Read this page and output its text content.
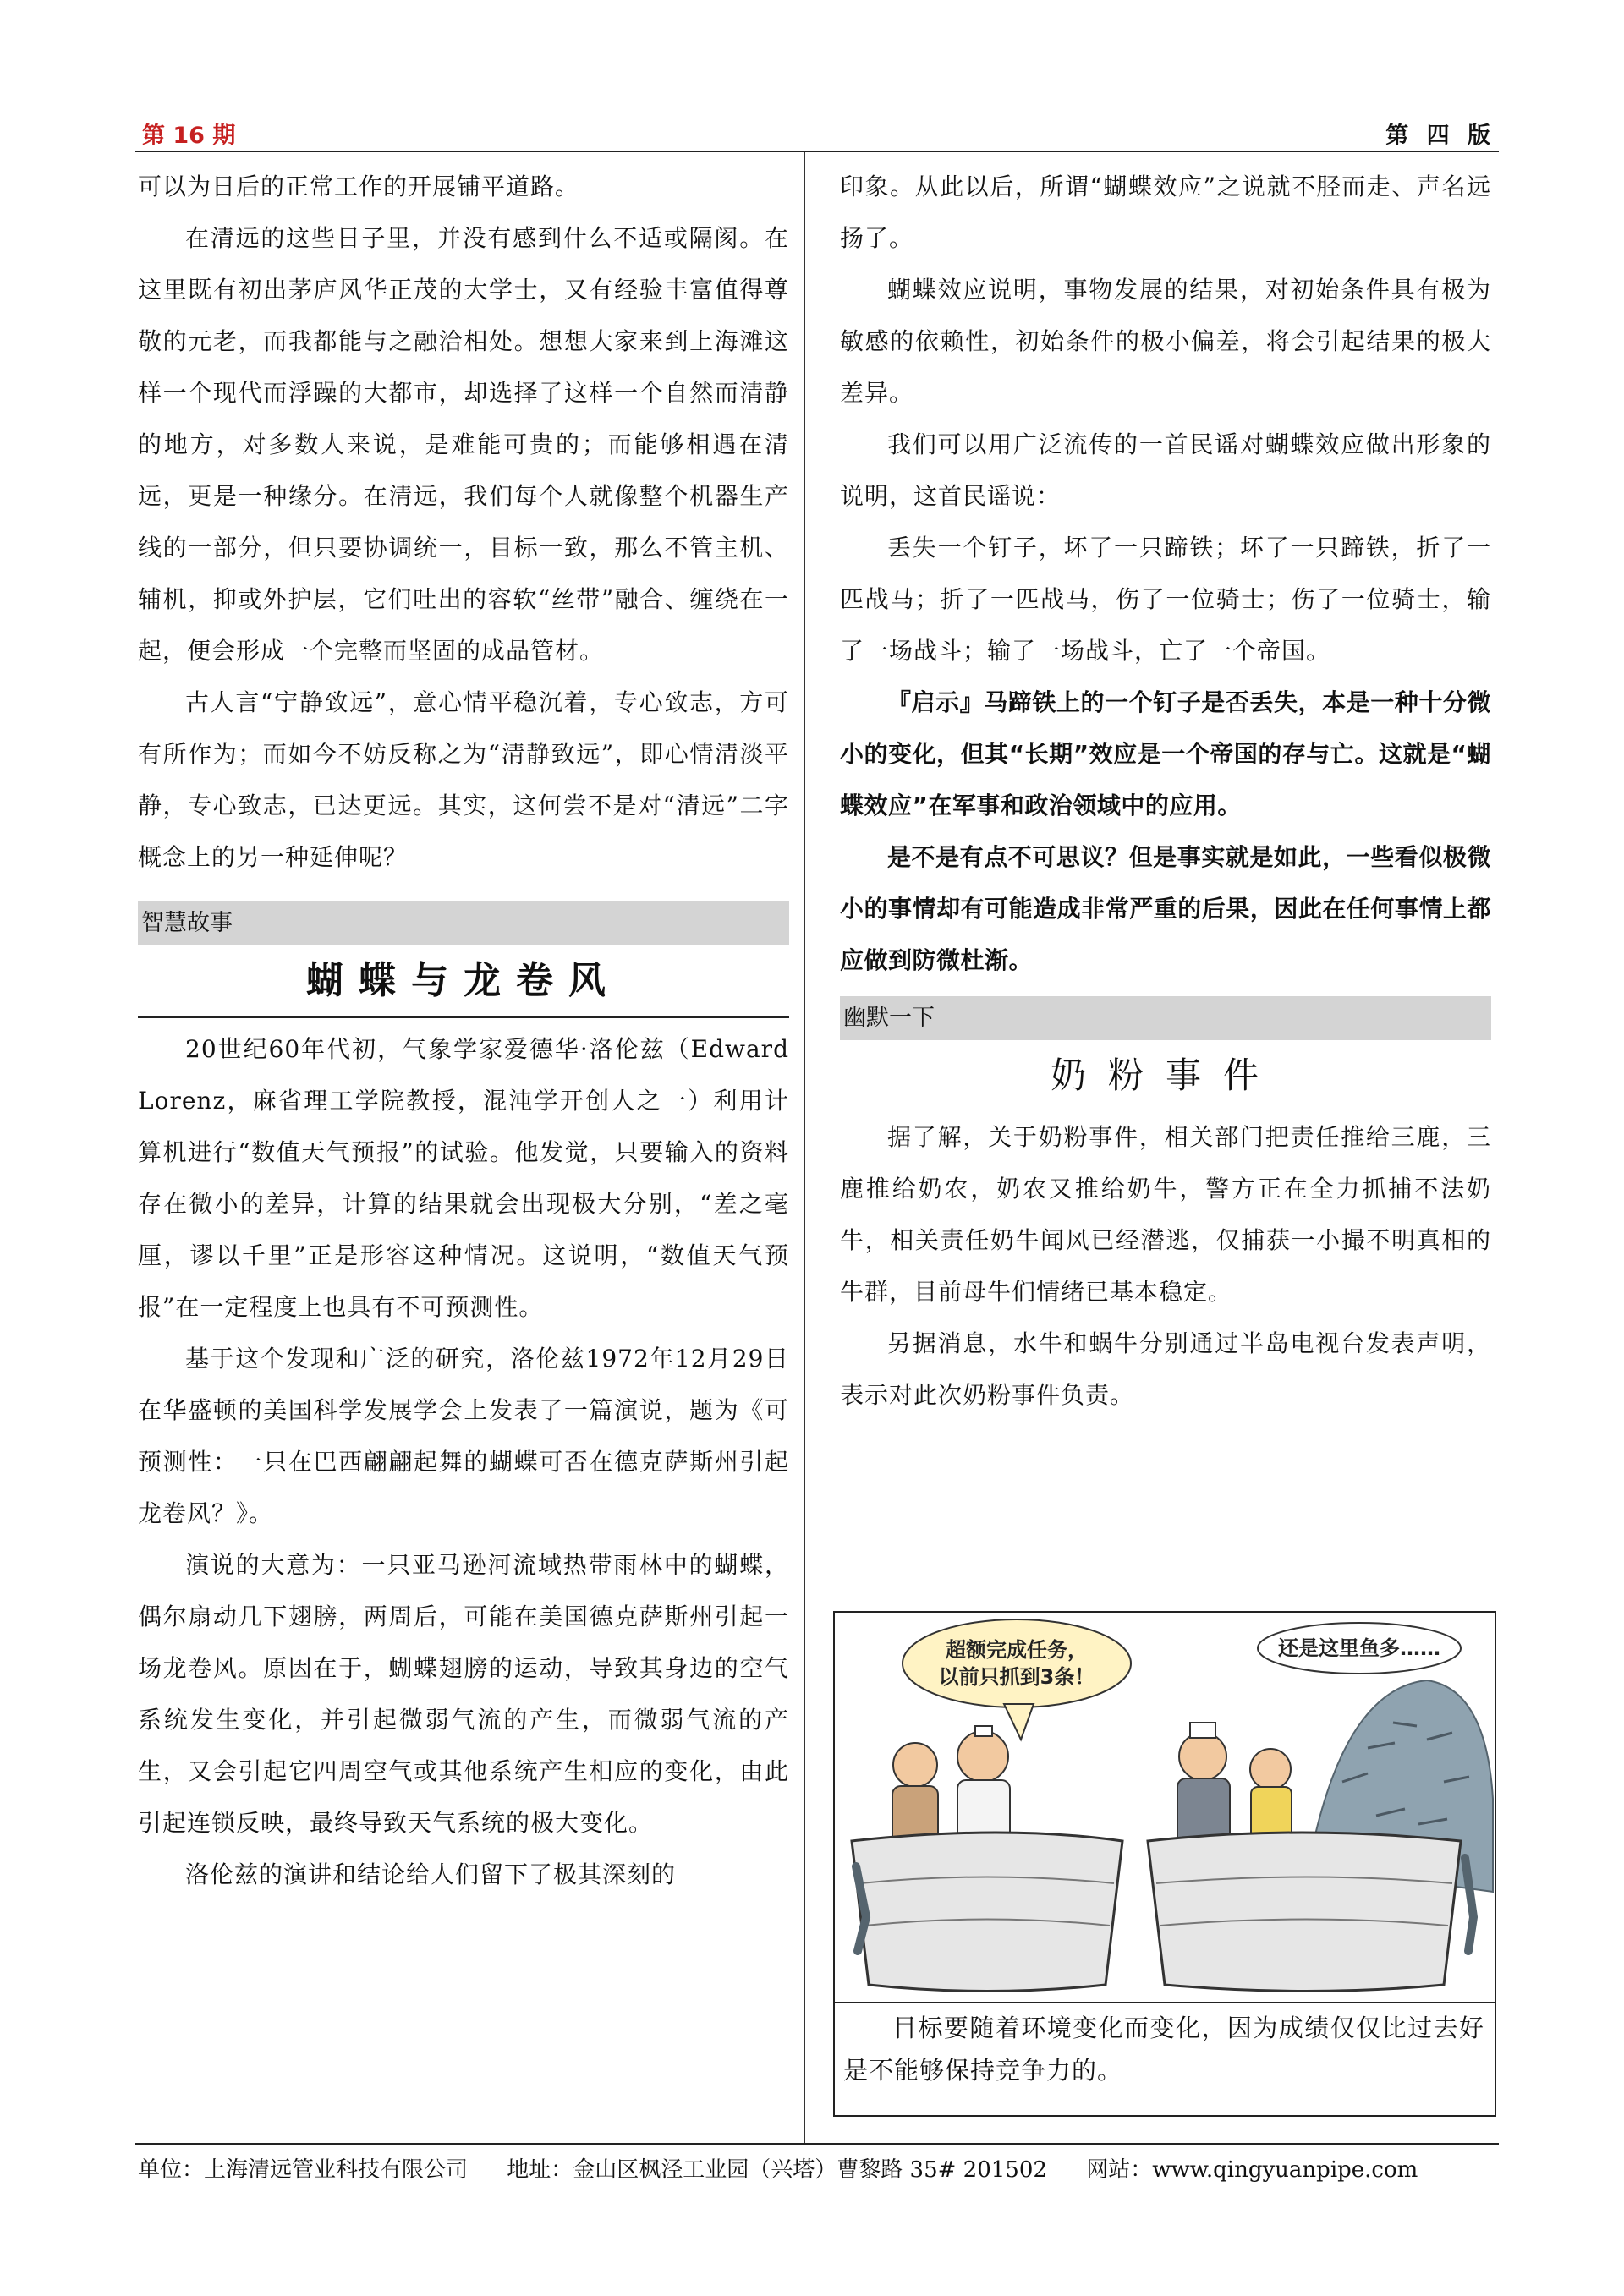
第 16 期	第 四 版

可以为日后的正常工作的开展铺平道路。

在清远的这些日子里，并没有感到什么不适或隔阂。在这里既有初出茅庐风华正茂的大学士，又有经验丰富值得尊敬的元老，而我都能与之融洽相处。想想大家来到上海滩这样一个现代而浮躁的大都市，却选择了这样一个自然而清静的地方，对多数人来说，是难能可贵的；而能够相遇在清远，更是一种缘分。在清远，我们每个人就像整个机器生产线的一部分，但只要协调统一，目标一致，那么不管主机、辅机，抑或外护层，它们吐出的容软“丝带”融合、缠绕在一起，便会形成一个完整而坚固的成品管材。

古人言“宁静致远”，意心情平稳沉着，专心致志，方可有所作为；而如今不妨反称之为“清静致远”，即心情清淡平静，专心致志，已达更远。其实，这何尝不是对“清远”二字概念上的另一种延伸呢？

智慧故事
蝴蝶与龙卷风

20世纪60年代初，气象学家爱德华·洛伦兹（Edward Lorenz，麻省理工学院教授，混沌学开创人之一）利用计算机进行“数值天气预报”的试验。他发觉，只要输入的资料存在微小的差异，计算的结果就会出现极大分别，“差之毫厘，谬以千里”正是形容这种情况。这说明，“数值天气预报”在一定程度上也具有不可预测性。

基于这个发现和广泛的研究，洛伦兹1972年12月29日在华盛顿的美国科学发展学会上发表了一篇演说，题为《可预测性：一只在巴西翩翩起舞的蝴蝶可否在德克萨斯州引起龙卷风？》。

演说的大意为：一只亚马逊河流域热带雨林中的蝴蝶，偶尔扇动几下翅膀，两周后，可能在美国德克萨斯州引起一场龙卷风。原因在于，蝴蝶翅膀的运动，导致其身边的空气系统发生变化，并引起微弱气流的产生，而微弱气流的产生，又会引起它四周空气或其他系统产生相应的变化，由此引起连锁反映，最终导致天气系统的极大变化。

洛伦兹的演讲和结论给人们留下了极其深刻的

印象。从此以后，所谓“蝴蝶效应”之说就不胫而走、声名远扬了。

蝴蝶效应说明，事物发展的结果，对初始条件具有极为敏感的依赖性，初始条件的极小偏差，将会引起结果的极大差异。

我们可以用广泛流传的一首民谣对蝴蝶效应做出形象的说明，这首民谣说：

丢失一个钉子，坏了一只蹄铁；坏了一只蹄铁，折了一匹战马；折了一匹战马，伤了一位骑士；伤了一位骑士，输了一场战斗；输了一场战斗，亡了一个帝国。

『启示』马蹄铁上的一个钉子是否丢失，本是一种十分微小的变化，但其“长期”效应是一个帝国的存与亡。这就是“蝴蝶效应”在军事和政治领域中的应用。

是不是有点不可思议？但是事实就是如此，一些看似极微小的事情却有可能造成非常严重的后果，因此在任何事情上都应做到防微杜渐。

幽默一下
奶粉事件

据了解，关于奶粉事件，相关部门把责任推给三鹿，三鹿推给奶农，奶农又推给奶牛，警方正在全力抓捕不法奶牛，相关责任奶牛闻风已经潜逃，仅捕获一小撮不明真相的牛群，目前母牛们情绪已基本稳定。

另据消息，水牛和蜗牛分别通过半岛电视台发表声明，表示对此次奶粉事件负责。

超额完成任务，
以前只抓到3条！
还是这里鱼多……

目标要随着环境变化而变化，因为成绩仅仅比过去好是不能够保持竞争力的。

单位：上海清远管业科技有限公司 地址：金山区枫泾工业园（兴塔）曹黎路 35# 201502 网站：www.qingyuanpipe.com
